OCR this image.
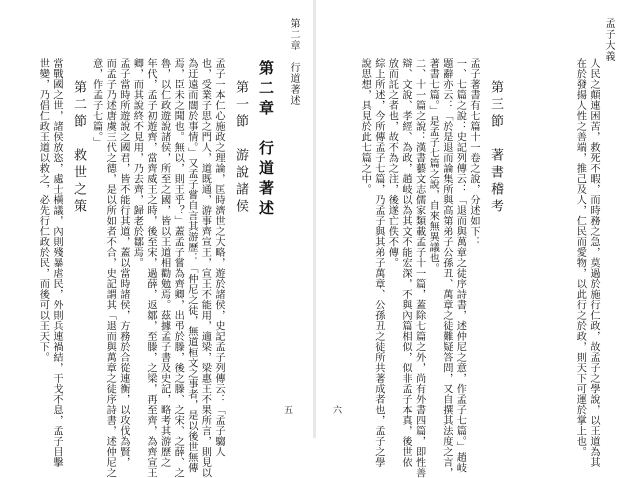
第二章　行道著述
五
第二章　行道著述
第一節　游說諸侯
孟子一本仁心施政之理論，匡時濟世之大略，遊於諸侯，史記孟子列傳云：「孟子騶人
也，受業子思之門人，道既通，游事齊宣王，宣王不能用，適梁，梁惠王不果所言，則見以
為迂遠而闊於事情。」又孟子嘗自言其游歷：「仲尼之徒，無道桓文之事者，是以後世無傳
焉，臣未之聞也。無以，則王乎？」蓋孟子嘗為齊卿，出弔於滕，後之滕、之宋、之薛、之
魯，以仁政遊說諸侯，所至之國，皆以王道相勸勉焉。茲據孟子書及史記，略考其游歷之
年代，孟子初遊齊，當齊威王之時，後至宋，過薛，返鄒，至滕，之梁，再至齊，為齊宣王
卿，而其說終不見用，乃去齊，歸老於鄒焉。
孟子當時所遊說之國君，皆不能行其道，蓋以當時諸侯，方務於合從連衡，以攻伐為賢，
而孟子乃述唐虞三代之德，是以所如者不合，史記謂其「退而與萬章之徒序詩書，述仲尼之
意，作孟子七篇。」
第二節　救世之策
當戰國之世，諸侯放恣，處士橫議，內則殘暴虐民，外則兵連禍結，干戈不息，孟子目擊
世變，乃倡仁政王道以救之，必先行仁政於民，而後可以王天下。
孟子大義
六	人民之顛連困苦，救死不暇，而時務之急，莫過於施行仁政，故孟子之學說，以王道為其
在於發揚人性之善端，推己及人，仁民而愛物，以此行之於政，則天下可運於掌上也。
第三節　著書稽考
孟子著書有七篇十一卷之說，分述如下：
一、七篇之說：史記列傳云：「退而與萬章之徒序詩書，述仲尼之意，作孟子七篇。」趙岐
題辭亦云：「於是退而論集所與高第弟子公孫丑、萬章之徒難疑答問，又自撰其法度之言，
著書七篇。」是孟子七篇之說，自來無異議也。
二、十一篇之說：漢書藝文志儒家類載孟子十一篇，蓋除七篇之外，尚有外書四篇，即性善
辯、文說、孝經、為政，趙岐以為其文不能宏深，不與內篇相似，似非孟子本真，後世依
放而託之者也，故不為之注，後遂亡佚不傳。
綜上所述，今所傳孟子七篇，乃孟子與其弟子萬章、公孫丑之徒所共著成者也，孟子之學
說思想，具見於此七篇之中。
